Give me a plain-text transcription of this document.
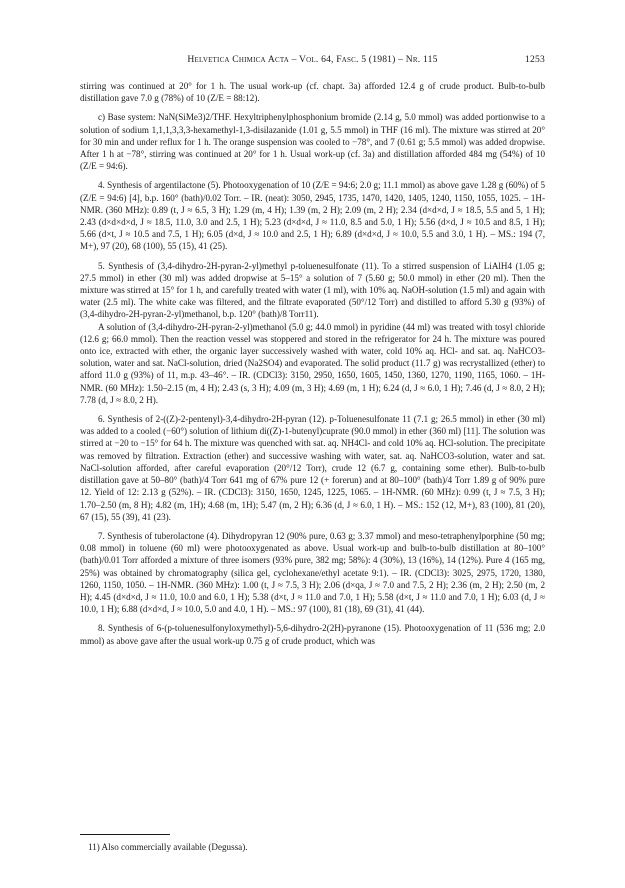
Helvetica Chimica Acta – Vol. 64, Fasc. 5 (1981) – Nr. 115	1253

stirring was continued at 20° for 1 h. The usual work-up (cf. chapt. 3a) afforded 12.4 g of crude product. Bulb-to-bulb distillation gave 7.0 g (78%) of 10 (Z/E = 88:12).

c) Base system: NaN(SiMe3)2/THF. Hexyltriphenylphosphonium bromide (2.14 g, 5.0 mmol) was added portionwise to a solution of sodium 1,1,1,3,3,3-hexamethyl-1,3-disilazanide (1.01 g, 5.5 mmol) in THF (16 ml). The mixture was stirred at 20° for 30 min and under reflux for 1 h. The orange suspension was cooled to −78°, and 7 (0.61 g; 5.5 mmol) was added dropwise. After 1 h at −78°, stirring was continued at 20° for 1 h. Usual work-up (cf. 3a) and distillation afforded 484 mg (54%) of 10 (Z/E = 94:6).

4. Synthesis of argentilactone (5). Photooxygenation of 10 (Z/E = 94:6; 2.0 g; 11.1 mmol) as above gave 1.28 g (60%) of 5 (Z/E = 94:6) [4], b.p. 160° (bath)/0.02 Torr. – IR. (neat): 3050, 2945, 1735, 1470, 1420, 1405, 1240, 1150, 1055, 1025. – 1H-NMR. (360 MHz): 0.89 (t, J ≈ 6.5, 3 H); 1.29 (m, 4 H); 1.39 (m, 2 H); 2.09 (m, 2 H); 2.34 (d×d×d, J ≈ 18.5, 5.5 and 5, 1 H); 2.43 (d×d×d×d, J ≈ 18.5, 11.0, 3.0 and 2.5, 1 H); 5.23 (d×d×d, J ≈ 11.0, 8.5 and 5.0, 1 H); 5.56 (d×d, J ≈ 10.5 and 8.5, 1 H); 5.66 (d×t, J ≈ 10.5 and 7.5, 1 H); 6.05 (d×d, J ≈ 10.0 and 2.5, 1 H); 6.89 (d×d×d, J ≈ 10.0, 5.5 and 3.0, 1 H). – MS.: 194 (7, M+), 97 (20), 68 (100), 55 (15), 41 (25).

5. Synthesis of (3,4-dihydro-2H-pyran-2-yl)methyl p-toluenesulfonate (11). To a stirred suspension of LiAlH4 (1.05 g; 27.5 mmol) in ether (30 ml) was added dropwise at 5–15° a solution of 7 (5.60 g; 50.0 mmol) in ether (20 ml). Then the mixture was stirred at 15° for 1 h, and carefully treated with water (1 ml), with 10% aq. NaOH-solution (1.5 ml) and again with water (2.5 ml). The white cake was filtered, and the filtrate evaporated (50°/12 Torr) and distilled to afford 5.30 g (93%) of (3,4-dihydro-2H-pyran-2-yl)methanol, b.p. 120° (bath)/8 Torr11).

A solution of (3,4-dihydro-2H-pyran-2-yl)methanol (5.0 g; 44.0 mmol) in pyridine (44 ml) was treated with tosyl chloride (12.6 g; 66.0 mmol). Then the reaction vessel was stoppered and stored in the refrigerator for 24 h. The mixture was poured onto ice, extracted with ether, the organic layer successively washed with water, cold 10% aq. HCl- and sat. aq. NaHCO3-solution, water and sat. NaCl-solution, dried (Na2SO4) and evaporated. The solid product (11.7 g) was recrystallized (ether) to afford 11.0 g (93%) of 11, m.p. 43–46°. – IR. (CDCl3): 3150, 2950, 1650, 1605, 1450, 1360, 1270, 1190, 1165, 1060. – 1H-NMR. (60 MHz): 1.50–2.15 (m, 4 H); 2.43 (s, 3 H); 4.09 (m, 3 H); 4.69 (m, 1 H); 6.24 (d, J ≈ 6.0, 1 H); 7.46 (d, J ≈ 8.0, 2 H); 7.78 (d, J ≈ 8.0, 2 H).

6. Synthesis of 2-((Z)-2-pentenyl)-3,4-dihydro-2H-pyran (12). p-Toluenesulfonate 11 (7.1 g; 26.5 mmol) in ether (30 ml) was added to a cooled (−60°) solution of lithium di((Z)-1-butenyl)cuprate (90.0 mmol) in ether (360 ml) [11]. The solution was stirred at −20 to −15° for 64 h. The mixture was quenched with sat. aq. NH4Cl- and cold 10% aq. HCl-solution. The precipitate was removed by filtration. Extraction (ether) and successive washing with water, sat. aq. NaHCO3-solution, water and sat. NaCl-solution afforded, after careful evaporation (20°/12 Torr), crude 12 (6.7 g, containing some ether). Bulb-to-bulb distillation gave at 50–80° (bath)/4 Torr 641 mg of 67% pure 12 (+ forerun) and at 80–100° (bath)/4 Torr 1.89 g of 90% pure 12. Yield of 12: 2.13 g (52%). – IR. (CDCl3): 3150, 1650, 1245, 1225, 1065. – 1H-NMR. (60 MHz): 0.99 (t, J ≈ 7.5, 3 H); 1.70–2.50 (m, 8 H); 4.82 (m, 1H); 4.68 (m, 1H); 5.47 (m, 2 H); 6.36 (d, J ≈ 6.0, 1 H). – MS.: 152 (12, M+), 83 (100), 81 (20), 67 (15), 55 (39), 41 (23).

7. Synthesis of tuberolactone (4). Dihydropyran 12 (90% pure, 0.63 g; 3.37 mmol) and meso-tetraphenylporphine (50 mg; 0.08 mmol) in toluene (60 ml) were photooxygenated as above. Usual work-up and bulb-to-bulb distillation at 80–100° (bath)/0.01 Torr afforded a mixture of three isomers (93% pure, 382 mg; 58%): 4 (30%), 13 (16%), 14 (12%). Pure 4 (165 mg, 25%) was obtained by chromatography (silica gel, cyclohexane/ethyl acetate 9:1). – IR. (CDCl3): 3025, 2975, 1720, 1380, 1260, 1150, 1050. – 1H-NMR. (360 MHz): 1.00 (t, J ≈ 7.5, 3 H); 2.06 (d×qa, J ≈ 7.0 and 7.5, 2 H); 2.36 (m, 2 H); 2.50 (m, 2 H); 4.45 (d×d×d, J ≈ 11.0, 10.0 and 6.0, 1 H); 5.38 (d×t, J ≈ 11.0 and 7.0, 1 H); 5.58 (d×t, J ≈ 11.0 and 7.0, 1 H); 6.03 (d, J ≈ 10.0, 1 H); 6.88 (d×d×d, J ≈ 10.0, 5.0 and 4.0, 1 H). – MS.: 97 (100), 81 (18), 69 (31), 41 (44).

8. Synthesis of 6-(p-toluenesulfonyloxymethyl)-5,6-dihydro-2(2H)-pyranone (15). Photooxygenation of 11 (536 mg; 2.0 mmol) as above gave after the usual work-up 0.75 g of crude product, which was

11) Also commercially available (Degussa).
